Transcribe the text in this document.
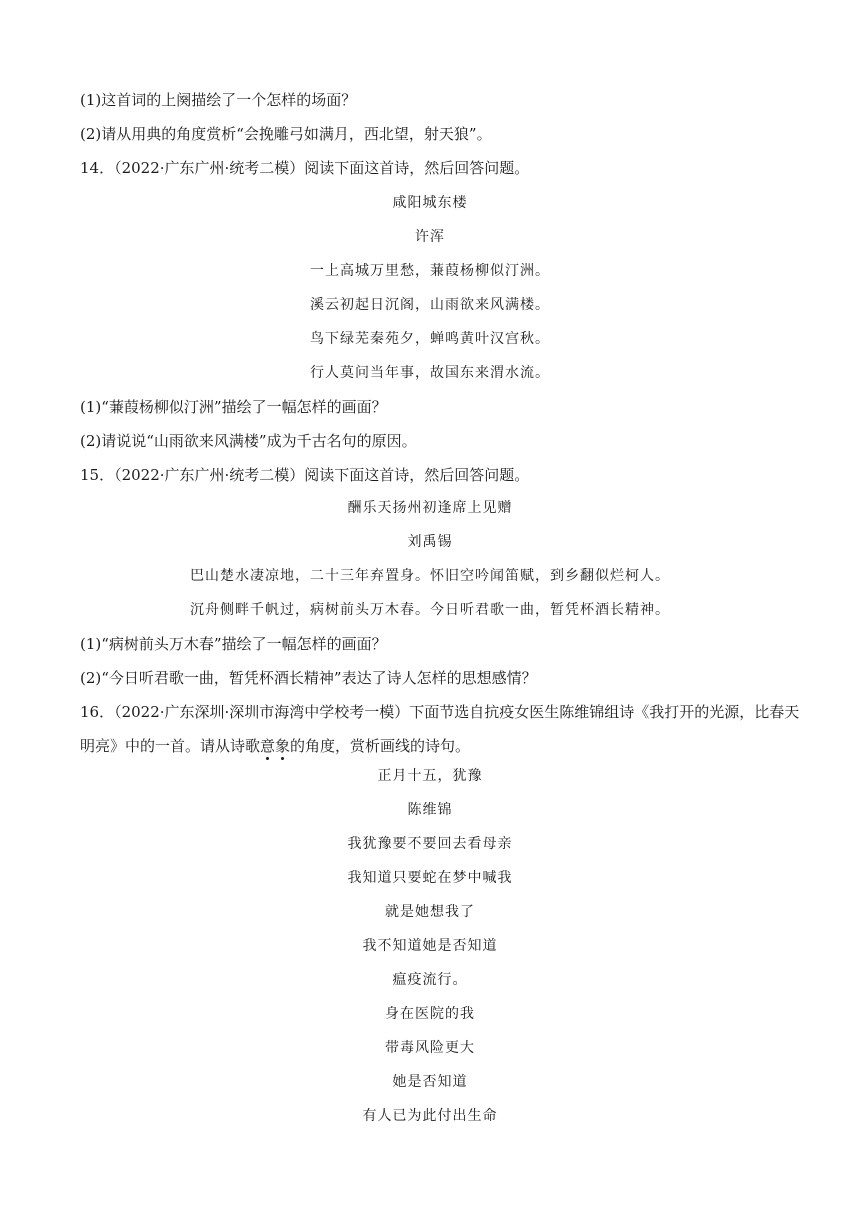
(1)这首词的上阕描绘了一个怎样的场面？
(2)请从用典的角度赏析“会挽雕弓如满月，西北望，射天狼”。
14．（2022·广东广州·统考二模）阅读下面这首诗，然后回答问题。
咸阳城东楼
许浑
一上高城万里愁，蒹葭杨柳似汀洲。
溪云初起日沉阁，山雨欲来风满楼。
鸟下绿芜秦苑夕，蝉鸣黄叶汉宫秋。
行人莫问当年事，故国东来渭水流。
(1)“蒹葭杨柳似汀洲”描绘了一幅怎样的画面？
(2)请说说“山雨欲来风满楼”成为千古名句的原因。
15．（2022·广东广州·统考二模）阅读下面这首诗，然后回答问题。
酬乐天扬州初逢席上见赠
刘禹锡
巴山楚水凄凉地，二十三年弃置身。怀旧空吟闻笛赋，到乡翻似烂柯人。
沉舟侧畔千帆过，病树前头万木春。今日听君歌一曲，暂凭杯酒长精神。
(1)“病树前头万木春”描绘了一幅怎样的画面？
(2)“今日听君歌一曲，暂凭杯酒长精神”表达了诗人怎样的思想感情？
16．（2022·广东深圳·深圳市海湾中学校考一模）下面节选自抗疫女医生陈维锦组诗《我打开的光源，比春天明亮》中的一首。请从诗歌意象的角度，赏析画线的诗句。
正月十五，犹豫
陈维锦
我犹豫要不要回去看母亲
我知道只要蛇在梦中喊我
就是她想我了
我不知道她是否知道
瘟疫流行。
身在医院的我
带毒风险更大
她是否知道
有人已为此付出生命
